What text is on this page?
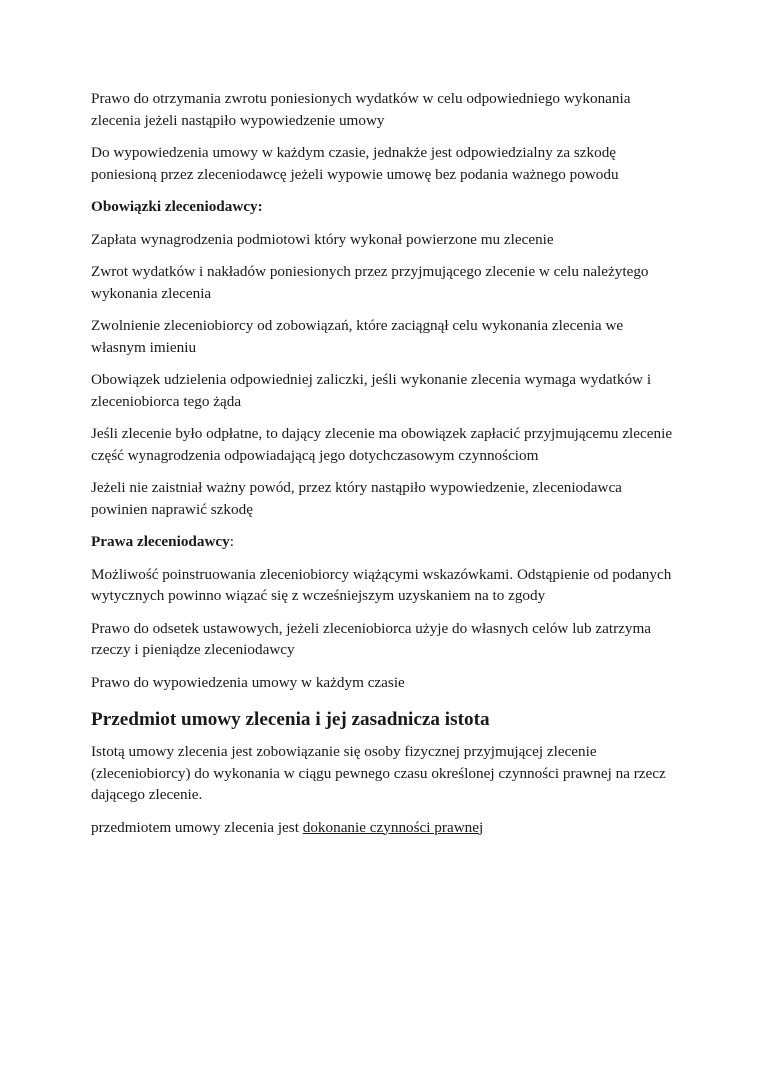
Prawo do otrzymania zwrotu poniesionych wydatków w celu odpowiedniego wykonania zlecenia jeżeli nastąpiło wypowiedzenie umowy

Do wypowiedzenia umowy w każdym czasie, jednakże jest odpowiedzialny za szkodę poniesioną przez zleceniodawcę jeżeli wypowie umowę bez podania ważnego powodu

Obowiązki zleceniodawcy:

Zapłata wynagrodzenia podmiotowi który wykonał powierzone mu zlecenie

Zwrot wydatków i nakładów poniesionych przez przyjmującego zlecenie w celu należytego wykonania zlecenia

Zwolnienie zleceniobiorcy od zobowiązań, które zaciągnął celu wykonania zlecenia we własnym imieniu

Obowiązek udzielenia odpowiedniej zaliczki, jeśli wykonanie zlecenia wymaga wydatków i zleceniobiorca tego żąda

Jeśli zlecenie było odpłatne, to dający zlecenie ma obowiązek zapłacić przyjmującemu zlecenie część wynagrodzenia odpowiadającą jego dotychczasowym czynnościom

Jeżeli nie zaistniał ważny powód, przez który nastąpiło wypowiedzenie, zleceniodawca powinien naprawić szkodę

Prawa zleceniodawcy:

Możliwość poinstruowania zleceniobiorcy wiążącymi wskazówkami. Odstąpienie od podanych wytycznych powinno wiązać się z wcześniejszym uzyskaniem na to zgody

Prawo do odsetek ustawowych, jeżeli zleceniobiorca użyje do własnych celów lub zatrzyma rzeczy i pieniądze zleceniodawcy

Prawo do wypowiedzenia umowy w każdym czasie

Przedmiot umowy zlecenia i jej zasadnicza istota

Istotą umowy zlecenia jest zobowiązanie się osoby fizycznej przyjmującej zlecenie (zleceniobiorcy) do wykonania w ciągu pewnego czasu określonej czynności prawnej na rzecz dającego zlecenie.

przedmiotem umowy zlecenia jest dokonanie czynności prawnej
